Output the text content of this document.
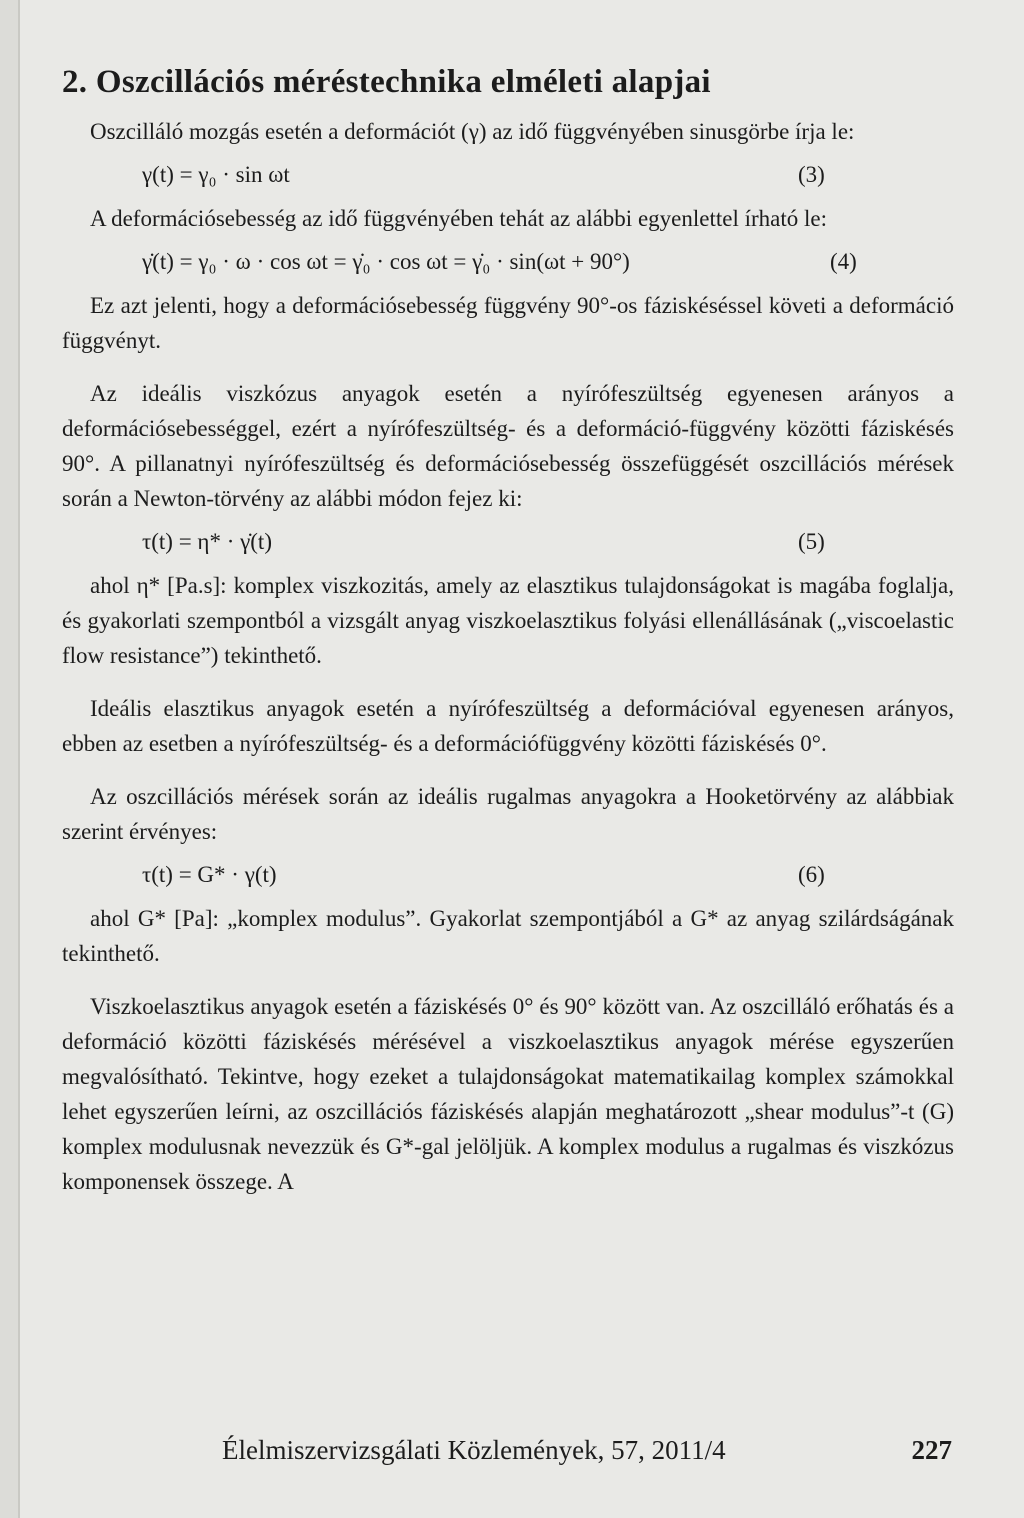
2. Oszcillációs méréstechnika elméleti alapjai

Oszcilláló mozgás esetén a deformációt (γ) az idő függvényében sinusgörbe írja le:

γ(t) = γ₀ · sin ωt	(3)

A deformációsebesség az idő függvényében tehát az alábbi egyenlettel írható le:

γ̇(t) = γ₀ · ω · cos ωt = γ̇₀ · cos ωt = γ̇₀ · sin(ωt + 90°)	(4)

Ez azt jelenti, hogy a deformációsebesség függvény 90°-os fáziskéséssel követi a deformáció függvényt.

Az ideális viszkózus anyagok esetén a nyírófeszültség egyenesen arányos a deformációsebességgel, ezért a nyírófeszültség- és a deformáció-függvény közötti fáziskésés 90°. A pillanatnyi nyírófeszültség és deformációsebesség összefüggését oszcillációs mérések során a Newton-törvény az alábbi módon fejez ki:

τ(t) = η* · γ̇(t)	(5)

ahol η* [Pa.s]: komplex viszkozitás, amely az elasztikus tulajdonságokat is magába foglalja, és gyakorlati szempontból a vizsgált anyag viszkoelasztikus folyási ellenállásának („viscoelastic flow resistance”) tekinthető.

Ideális elasztikus anyagok esetén a nyírófeszültség a deformációval egyenesen arányos, ebben az esetben a nyírófeszültség- és a deformációfüggvény közötti fáziskésés 0°.

Az oszcillációs mérések során az ideális rugalmas anyagokra a Hooketörvény az alábbiak szerint érvényes:

τ(t) = G* · γ(t)	(6)

ahol G* [Pa]: „komplex modulus”. Gyakorlat szempontjából a G* az anyag szilárdságának tekinthető.

Viszkoelasztikus anyagok esetén a fáziskésés 0° és 90° között van. Az oszcilláló erőhatás és a deformáció közötti fáziskésés mérésével a viszkoelasztikus anyagok mérése egyszerűen megvalósítható. Tekintve, hogy ezeket a tulajdonságokat matematikailag komplex számokkal lehet egyszerűen leírni, az oszcillációs fáziskésés alapján meghatározott „shear modulus”-t (G) komplex modulusnak nevezzük és G*-gal jelöljük. A komplex modulus a rugalmas és viszkózus komponensek összege. A

Élelmiszervizsgálati Közlemények, 57, 2011/4	227
